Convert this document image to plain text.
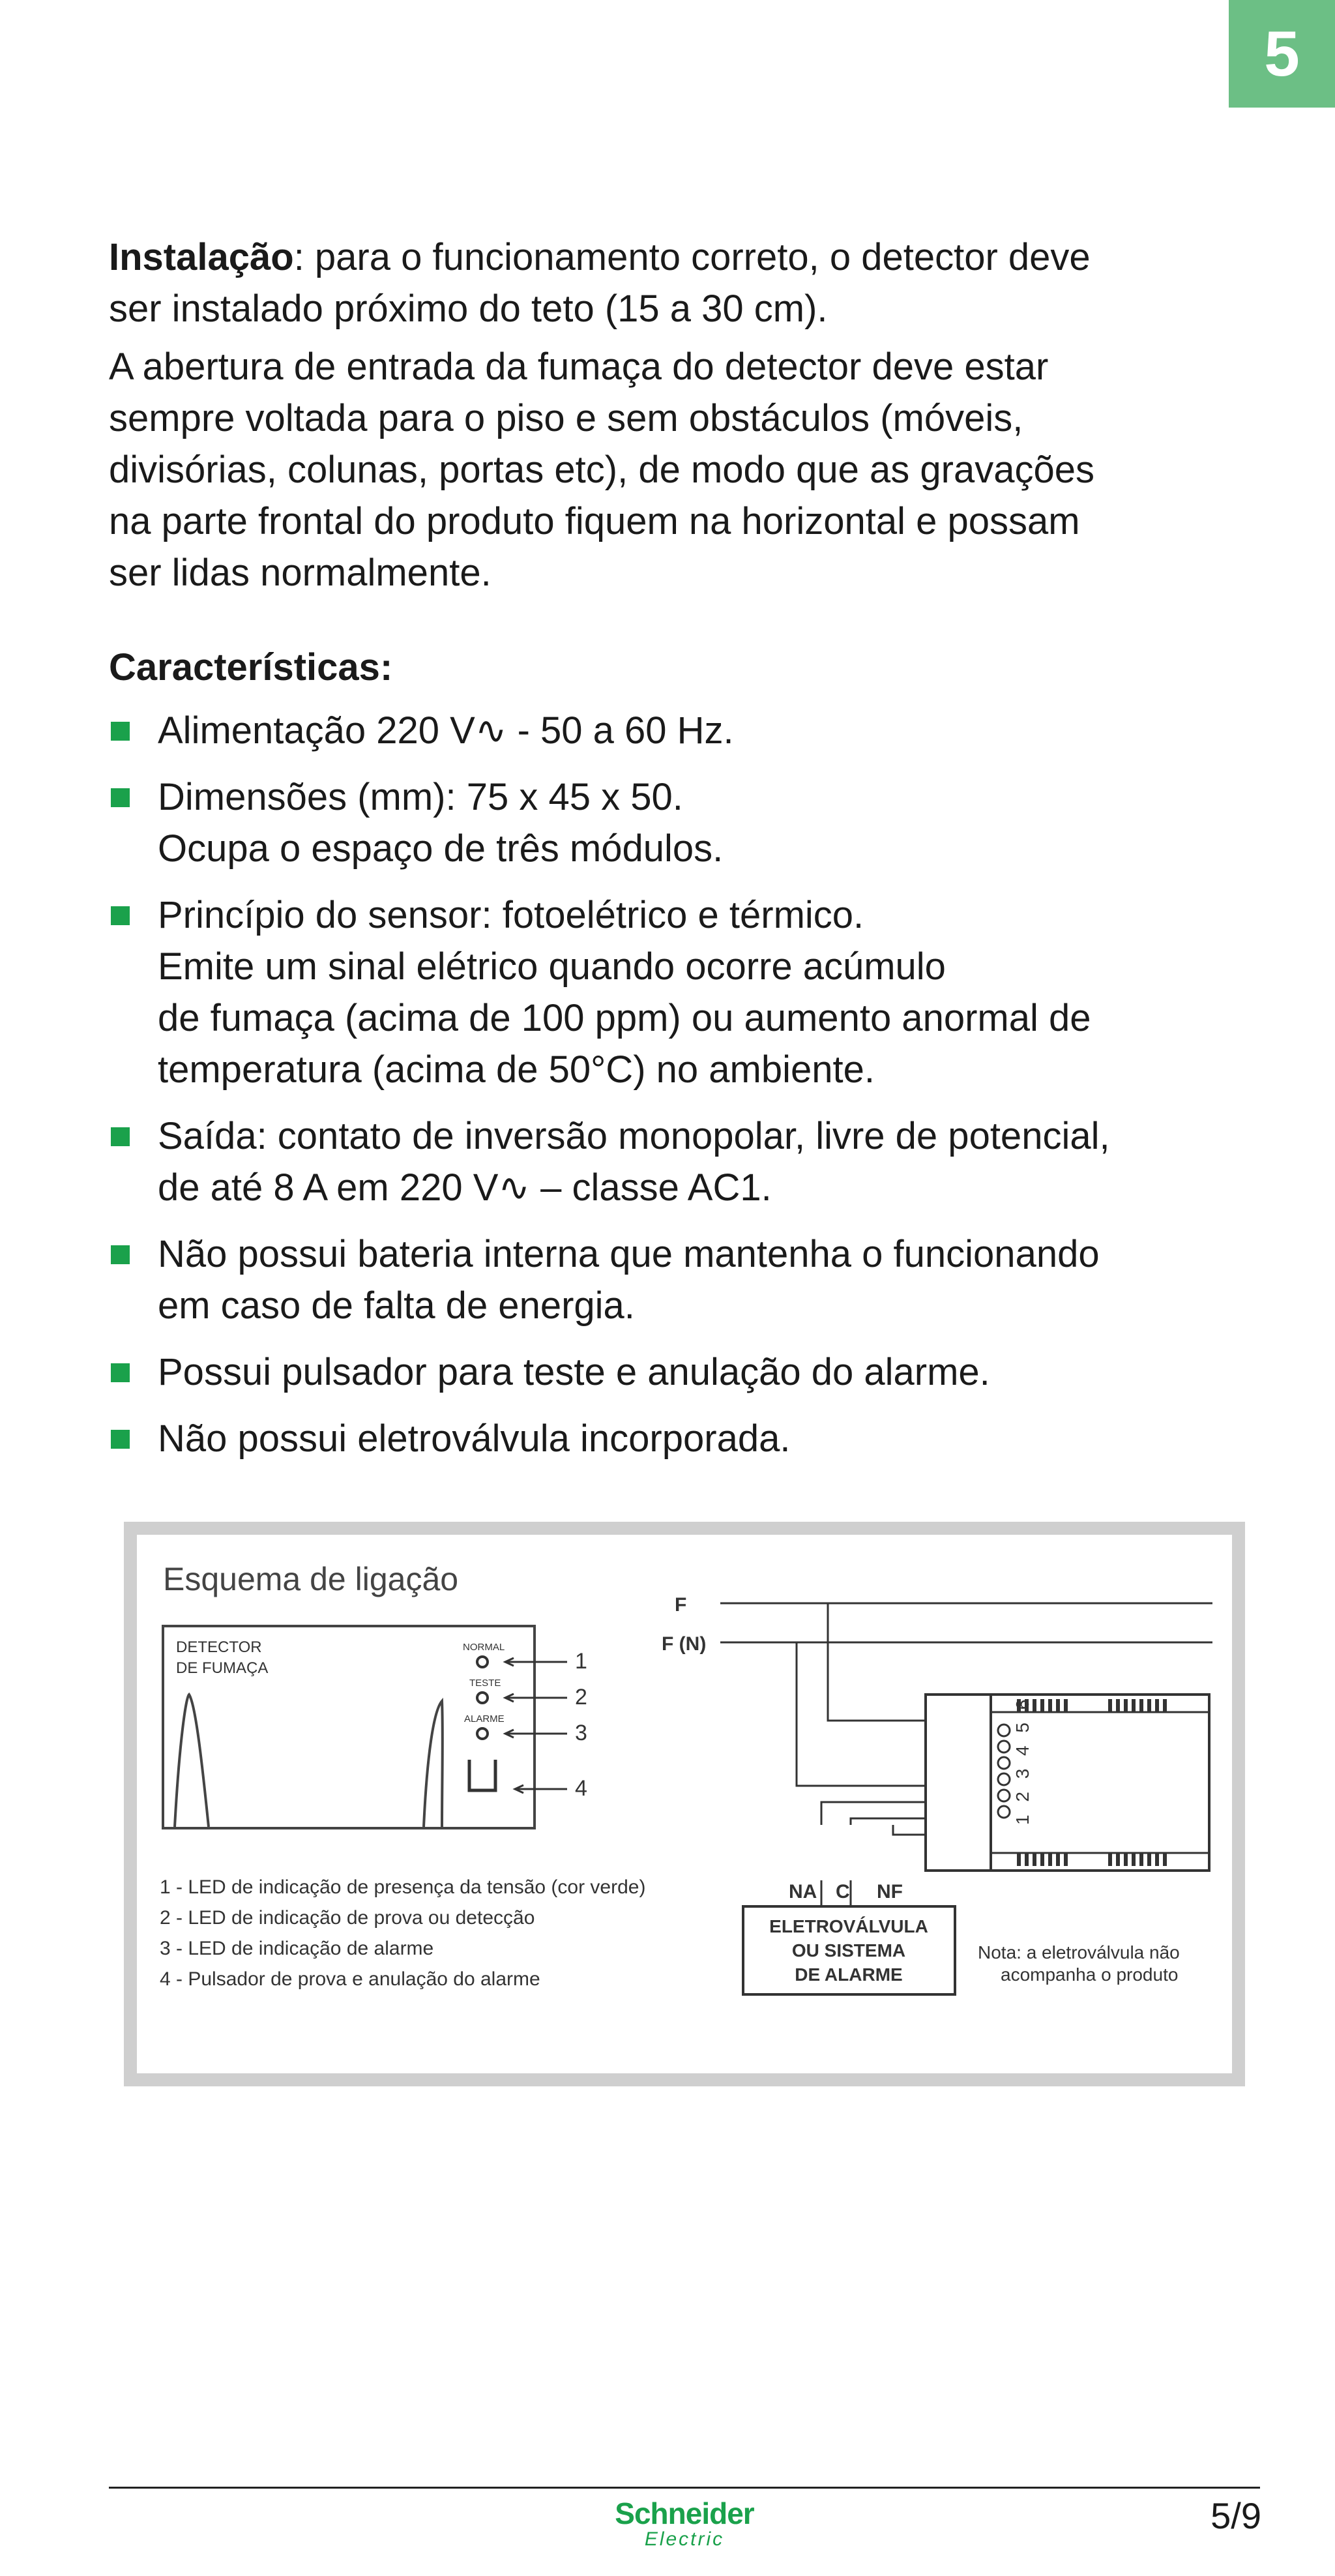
5

Instalação: para o funcionamento correto, o detector deve
ser instalado próximo do teto (15 a 30 cm).

A abertura de entrada da fumaça do detector deve estar
sempre voltada para o piso e sem obstáculos (móveis,
divisórias, colunas, portas etc), de modo que as gravações
na parte frontal do produto fiquem na horizontal e possam
ser lidas normalmente.

Características:
Alimentação 220 V∿ - 50 a 60 Hz.
Dimensões (mm): 75 x 45 x 50.
Ocupa o espaço de três módulos.
Princípio do sensor: fotoelétrico e térmico.
Emite um sinal elétrico quando ocorre acúmulo
de fumaça (acima de 100 ppm) ou aumento anormal de
temperatura (acima de 50°C) no ambiente.
Saída: contato de inversão monopolar, livre de potencial,
de até 8 A em 220 V∿ – classe AC1.
Não possui bateria interna que mantenha o funcionando
em caso de falta de energia.
Possui pulsador para teste e anulação do alarme.
Não possui eletroválvula incorporada.
Esquema de ligação
DETECTOR
DE FUMAÇA
NORMAL
TESTE
ALARME
1
2
3
4
F
F (N)
1 2 3 4 5 6
NA C NF
ELETROVÁLVULA
OU SISTEMA
DE ALARME
1 - LED de indicação de presença da tensão (cor verde)
2 - LED de indicação de prova ou detecção
3 - LED de indicação de alarme
4 - Pulsador de prova e anulação do alarme
Nota: a eletroválvula não
acompanha o produto
Schneider
Electric
5/9
